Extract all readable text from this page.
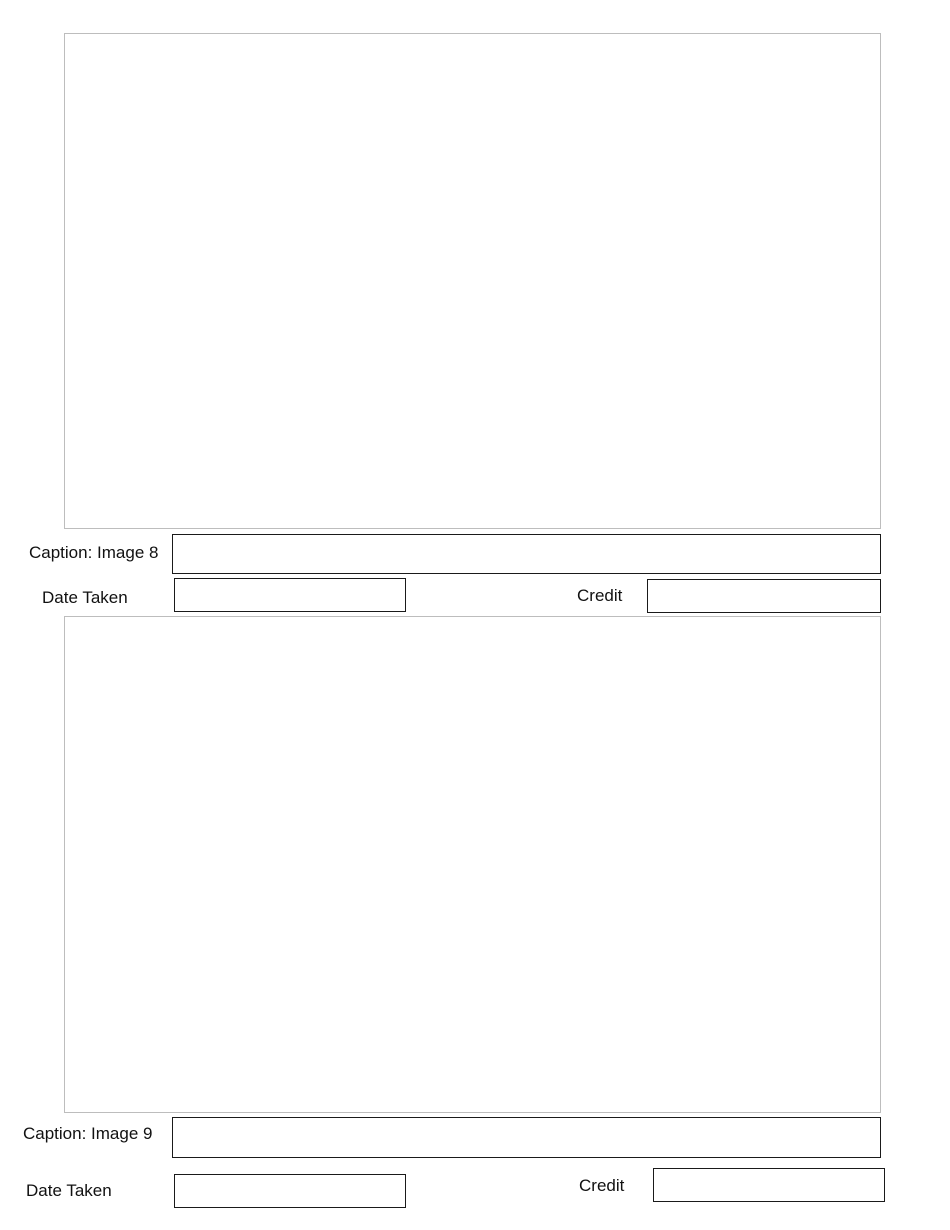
Caption: Image 8
Date Taken	Credit
Caption: Image 9
Date Taken	Credit
